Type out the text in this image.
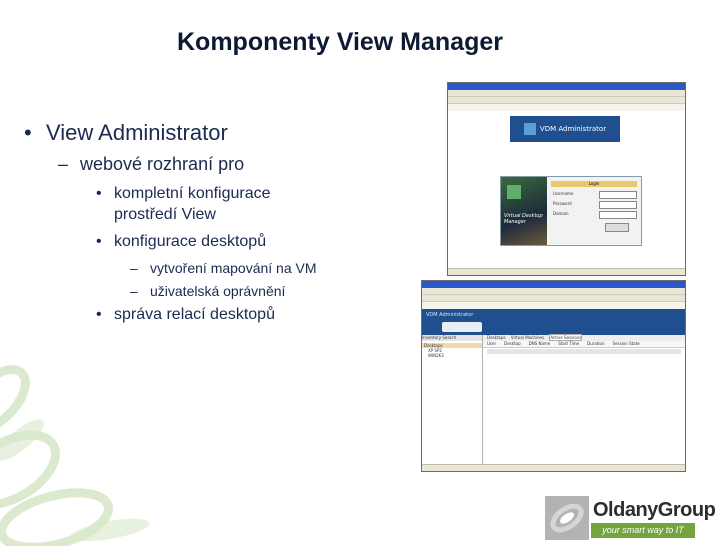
Komponenty View Manager
• View Administrator
– webové rozhraní pro
• kompletní konfigurace
prostředí View
• konfigurace desktopů
– vytvoření mapování na VM
– uživatelská oprávnění
• správa relací desktopů
VDM Administrator
Virtual Desktop Manager
Login
Username
Password
Domain
VDM Administrator
Inventory Search
Desktops
XP SP2
WIN2K3
Desktops Virtual Machines Active Sessions
User Desktop DNS Name Start Time Duration Session State
OldanyGroup
your smart way to IT
